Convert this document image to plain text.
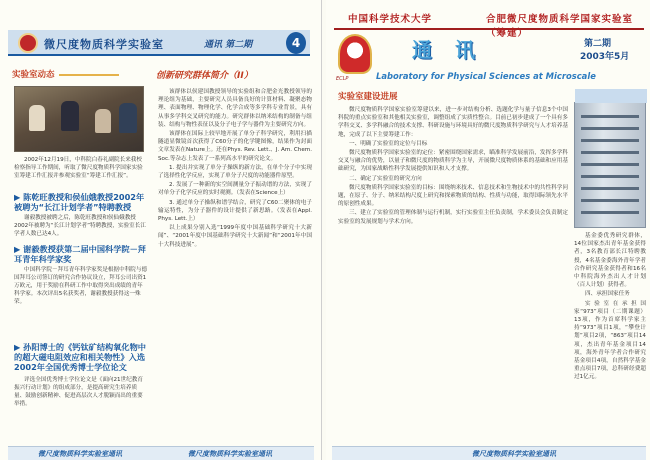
微尺度物质科学实验室	通讯 第二期	4
实验室动态
2002年12月19日，中科院白春礼副院长来我校检察指导工作期间，听取了微尺度物质科学国家实验室筹建工作汇报并参观实验室“筹建工作汇报”。
▶ 陈乾旺教授和侯仙娥教授2002年被聘为“长江计划学者”特聘教授
谢毅教授被聘之后，陈乾旺教授和侯仙娥教授2002年被聘为“长江计划学者”特聘教授，实验室长江学者人数已达4人。
▶ 谢毅教授获第二届中国科学院－拜耳青年科学家奖
中国科学院－拜耳青年科学家奖是根据中科院与德国拜耳公司签订的研究合作协议设立，拜耳公司出资1万欧元，用于奖励在科研工作中取得突出成绩的青年科学家。本次评出5名获奖者，谢毅教授获得这一殊荣。
▶ 孙阳博士的《钙钛矿结构氧化物中的超大磁电阻效应和相关物性》入选2002年全国优秀博士学位论文
评选全国优秀博士学位论文是《面向21世纪教育振兴行动计划》的组成部分，是提高研究生培养质量、鼓励创新精神、促进高层次人才脱颖而出的重要举措。
创新研究群体简介（II）

该群体以侯建国教授领导的实验组和合肥金光教授领导的理论组为基础，主要研究人员具备良好的计算材料、凝聚态物理、表面物理、物理化学、化学合成等多学科专业背景，具有从事多学科交叉研究的能力。研究群体以纳米结构的制备与组装、结构与物性表征以及分子电子学与器件为主要研究方向。

该群体在国际上较早地开展了单分子科学研究，利用扫描隧道显微镜首次获得了C60分子的化学键图像，结果作为封面文章发表在Nature上。还在Phys. Rev. Lett.、J. Am. Chem. Soc.等杂志上发表了一系列高水平的研究论文。

1. 提出并实现了单分子操纵的新方法，在单个分子中实现了选择性化学反应，实现了单分子尺度的功能器件原型。

2. 发展了一种新的实空间测量分子振动谱的方法，实现了对单分子化学反应的实时观测。（发表在Science上）

3. 通过单分子操纵和谱学结合，研究了C60二聚体的电子输运特性，为分子器件的设计提供了新思路。（发表在Appl. Phys. Lett.上）

以上成果分别入选“1999年度中国基础科学研究十大新闻”、“2001年度中国基础科学研究十大新闻”和“2001年中国十大科技进展”。

微尺度物质科学实验室通讯	微尺度物质科学实验室通讯
中国科学技术大学	合肥微尺度物质科学国家实验室（筹建）
ECLP
通 讯	第二期
2003年5月
Laboratory for Physical Sciences at Microscale
实验室建设进展

微尺度物质科学国家实验室筹建以来，进一步对结构分析、选题化学与量子信息3个中国科院的重点实验室和其他相关实验室，调整组成了实质性整合。目前已初步建成了一个具有多学科交叉、多学科融合的技术支撑、科研设施与环境具好的微尺度物质科学研究与人才培养基地，完成了以下主要筹建工作：

一、明确了实验室的定位与目标

微尺度物质科学国家实验室的定位：紧密围绕国家需求，瞄准科学发展前沿，发挥多学科交叉与融合的优势，以量子和微尺度的物质科学为主导，开展微尺度物质体系的基础和应用基础研究，为国家战略性科学发展提供知识和人才支撑。

二、确定了实验室的研究方向

微尺度物质科学国家实验室的目标：围绕纳米技术、信息技术和生物技术中的共性科学问题，在原子、分子、纳米结构尺度上研究和探索物质的结构、性质与功能，取得国际领先水平的原创性成果。

三、建立了实验室的管理体制与运行机制，实行实验室主任负责制，学术委员会负责制定实验室的发展规划与学术方向。

基金委优秀研究群体，14位国家杰出青年基金获得者，3名教育部长江特聘教授，4名基金委海外青年学者合作研究基金获得者和16名中科院海外杰出人才计划（百人计划）获得者。

四、承担国家任务

实验室在承担国家“973”项目（二期课题）13项，作为首席科学家主持“973”项目1项，“攀登计划”项目2项，“863”项目14项，杰出青年基金项目14项，海外青年学者合作研究基金项目4项，自然科学基金重点项目7项，总科研经费超过1亿元。

微尺度物质科学实验室通讯
